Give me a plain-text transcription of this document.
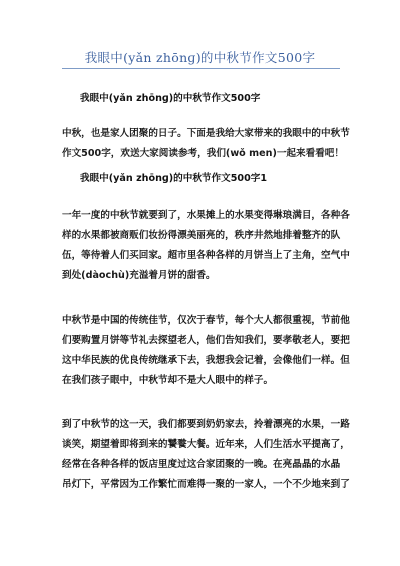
我眼中(yǎn zhōnɡ)的中秋节作文500字
我眼中(yǎn zhōnɡ)的中秋节作文500字
中秋，也是家人团聚的日子。下面是我给大家带来的我眼中的中秋节
作文500字，欢送大家阅读参考，我们(wǒ men)一起来看看吧！
我眼中(yǎn zhōnɡ)的中秋节作文500字1
一年一度的中秋节就要到了，水果摊上的水果变得琳琅满目，各种各
样的水果都被商贩们妆扮得漂美丽亮的，秩序井然地排着整齐的队
伍，等待着人们买回家。超市里各种各样的月饼当上了主角，空气中
到处(dàochù)充溢着月饼的甜香。
中秋节是中国的传统佳节，仅次于春节，每个大人都很重视，节前他
们要购置月饼等节礼去探望老人，他们告知我们，要孝敬老人，要把
这中华民族的优良传统继承下去，我想我会记着，会像他们一样。但
在我们孩子眼中，中秋节却不是大人眼中的样子。
到了中秋节的这一天，我们都要到奶奶家去，拎着漂亮的水果，一路
谈笑，期望着即将到来的饕餮大餐。近年来，人们生活水平提高了，
经常在各种各样的饭店里度过这合家团聚的一晚。在亮晶晶的水晶
吊灯下，平常因为工作繁忙而难得一聚的一家人，一个不少地来到了
